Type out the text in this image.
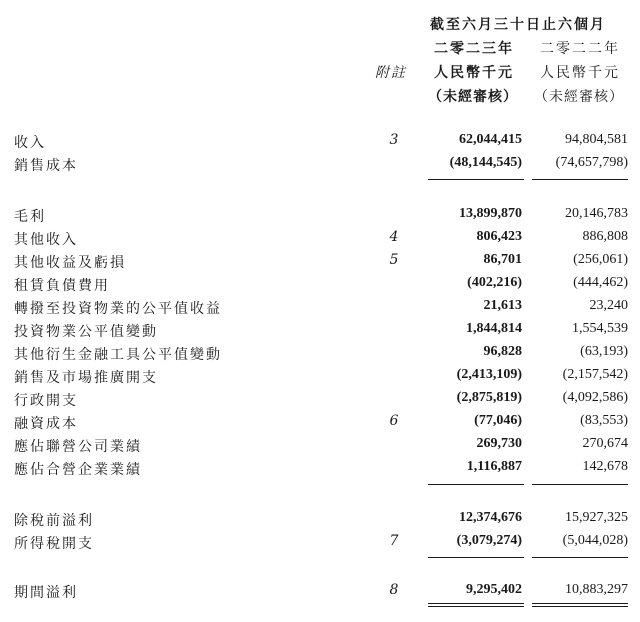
截至六月三十日止六個月
二零二三年 二零二二年
附註 人民幣千元 人民幣千元
（未經審核） （未經審核）
收入	3	62,044,415	94,804,581
銷售成本	(48,144,545) (74,657,798)
毛利	13,899,870	20,146,783
其他收入	4	806,423	886,808
其他收益及虧損	5	86,701	(256,061)
租賃負債費用	(402,216)	(444,462)
轉撥至投資物業的公平值收益	21,613	23,240
投資物業公平值變動	1,844,814	1,554,539
其他衍生金融工具公平值變動	96,828	(63,193)
銷售及市場推廣開支	(2,413,109)	(2,157,542)
行政開支	(2,875,819)	(4,092,586)
融資成本	6	(77,046)	(83,553)
應佔聯營公司業績	269,730	270,674
應佔合營企業業績	1,116,887	142,678
除稅前溢利	12,374,676	15,927,325
所得稅開支	7	(3,079,274)	(5,044,028)
期間溢利	8	9,295,402	10,883,297
